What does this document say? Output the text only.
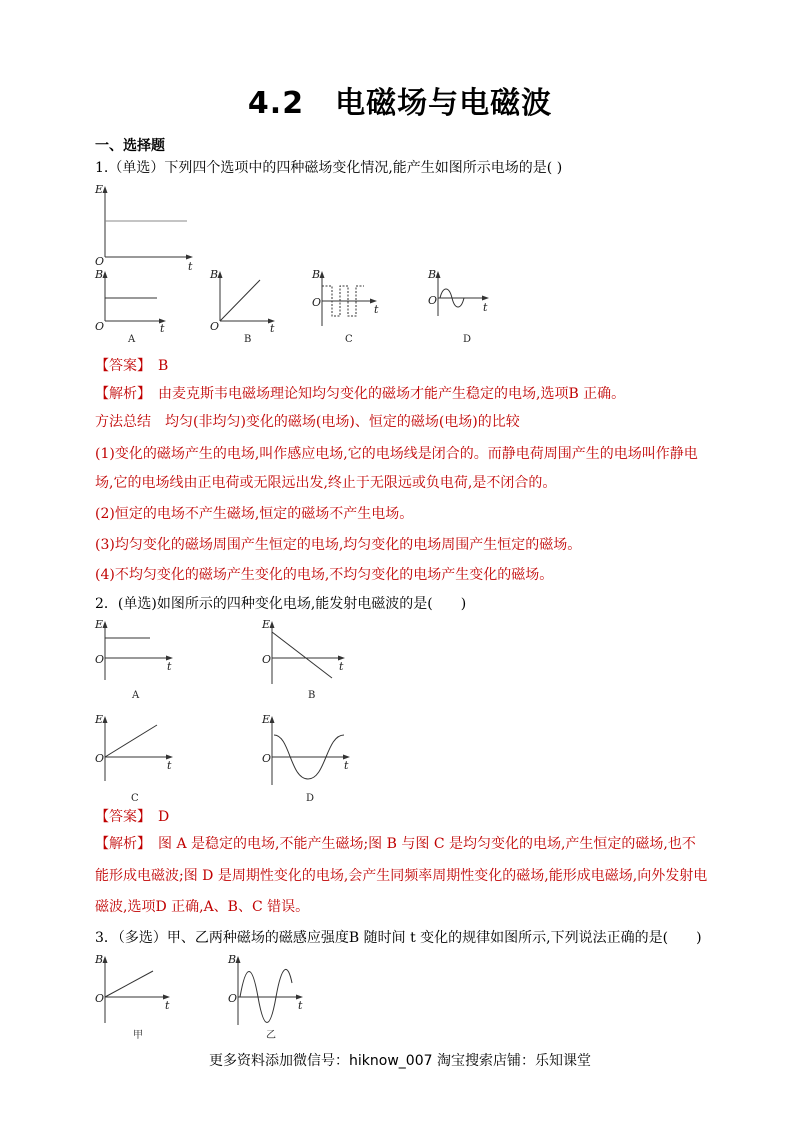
4.2　电磁场与电磁波
一、选择题
1.（单选）下列四个选项中的四种磁场变化情况,能产生如图所示电场的是( )
E
O	t
B
O	t
A
B
O	t
B
B
O
t
C
B
O
t
D
【答案】　 B
【解析】　 由麦克斯韦电磁场理论知均匀变化的磁场才能产生稳定的电场,选项B 正确。
方法总结　均匀(非均匀)变化的磁场(电场)、恒定的磁场(电场)的比较
(1)变化的磁场产生的电场,叫作感应电场,它的电场线是闭合的。而静电荷周围产生的电场叫作静电
场,它的电场线由正电荷或无限远出发,终止于无限远或负电荷,是不闭合的。
(2)恒定的电场不产生磁场,恒定的磁场不产生电场。
(3)均匀变化的磁场周围产生恒定的电场,均匀变化的电场周围产生恒定的磁场。
(4)不均匀变化的磁场产生变化的电场,不均匀变化的电场产生变化的磁场。
2．(单选)如图所示的四种变化电场,能发射电磁波的是(　　)
E
O
t
A
E
O
t
B
E
O
t
C
E
O
t
D
【答案】　 D
【解析】　 图 A 是稳定的电场,不能产生磁场;图 B 与图 C 是均匀变化的电场,产生恒定的磁场,也不
能形成电磁波;图 D 是周期性变化的电场,会产生同频率周期性变化的磁场,能形成电磁场,向外发射电
磁波,选项D 正确,A、B、C 错误。
3．（多选）甲、乙两种磁场的磁感应强度B 随时间 t 变化的规律如图所示,下列说法正确的是(　　)
B
O
t
甲
B
O
t
乙
更多资料添加微信号：hiknow_007 淘宝搜索店铺：乐知课堂
